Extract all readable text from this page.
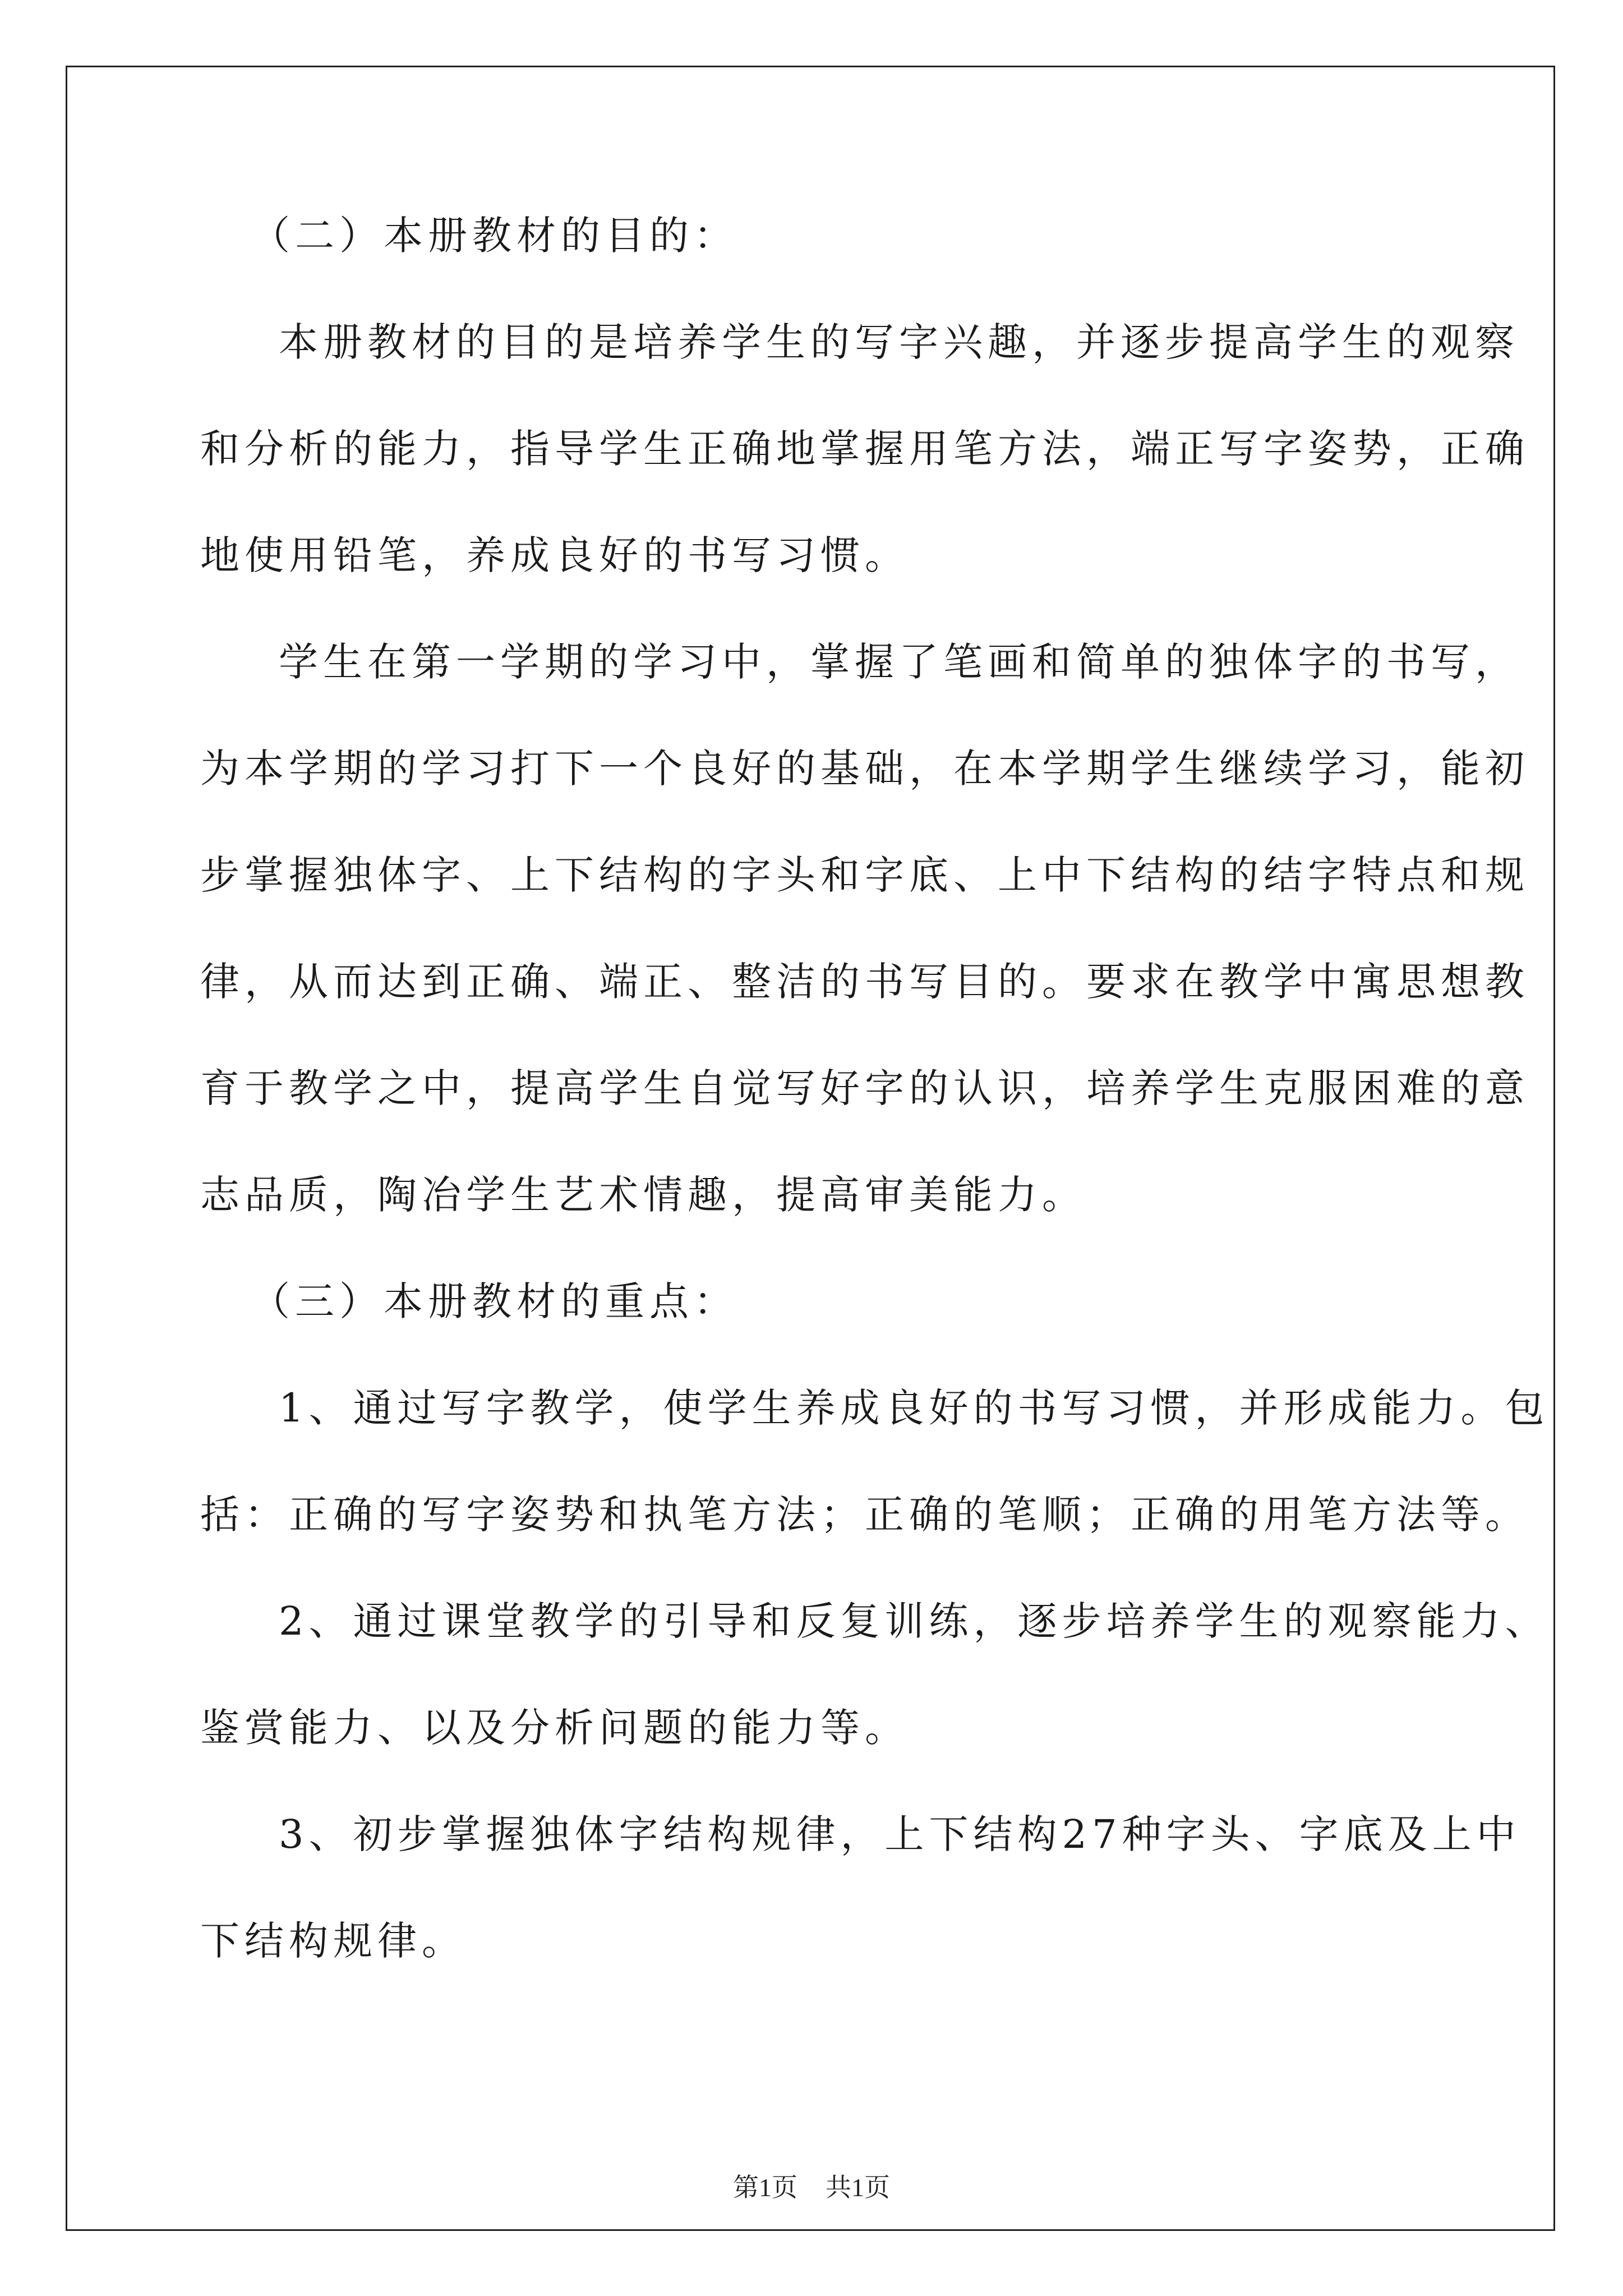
（二）本册教材的目的：

本册教材的目的是培养学生的写字兴趣，并逐步提高学生的观察

和分析的能力，指导学生正确地掌握用笔方法，端正写字姿势，正确

地使用铅笔，养成良好的书写习惯。

学生在第一学期的学习中，掌握了笔画和简单的独体字的书写，

为本学期的学习打下一个良好的基础，在本学期学生继续学习，能初

步掌握独体字、上下结构的字头和字底、上中下结构的结字特点和规

律，从而达到正确、端正、整洁的书写目的。要求在教学中寓思想教

育于教学之中，提高学生自觉写好字的认识，培养学生克服困难的意

志品质，陶冶学生艺术情趣，提高审美能力。

（三）本册教材的重点：

1、通过写字教学，使学生养成良好的书写习惯，并形成能力。包

括：正确的写字姿势和执笔方法；正确的笔顺；正确的用笔方法等。

2、通过课堂教学的引导和反复训练，逐步培养学生的观察能力、

鉴赏能力、以及分析问题的能力等。

3、初步掌握独体字结构规律，上下结构27种字头、字底及上中

下结构规律。

第1页 共1页
